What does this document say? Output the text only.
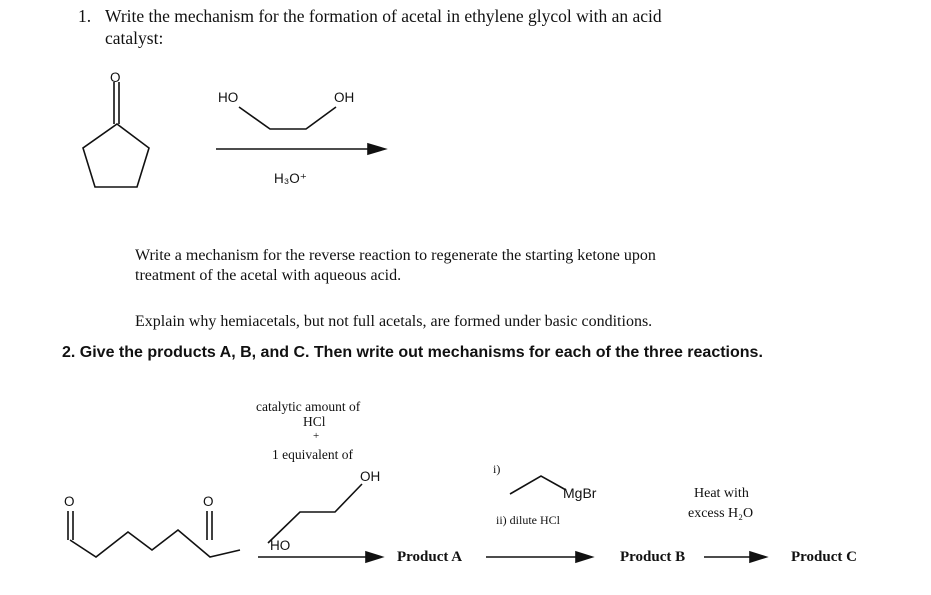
1. Write the mechanism for the formation of acetal in ethylene glycol with an acid
catalyst:
O
HO	OH
H₃O⁺
Write a mechanism for the reverse reaction to regenerate the starting ketone upon
treatment of the acetal with aqueous acid.
Explain why hemiacetals, but not full acetals, are formed under basic conditions.
2. Give the products A, B, and C. Then write out mechanisms for each of the three reactions.
catalytic amount of
HCl
+
1 equivalent of
OH
HO
O	O
Product A
i)
MgBr
ii) dilute HCl
Product B
Heat with
excess H₂O
Product C
